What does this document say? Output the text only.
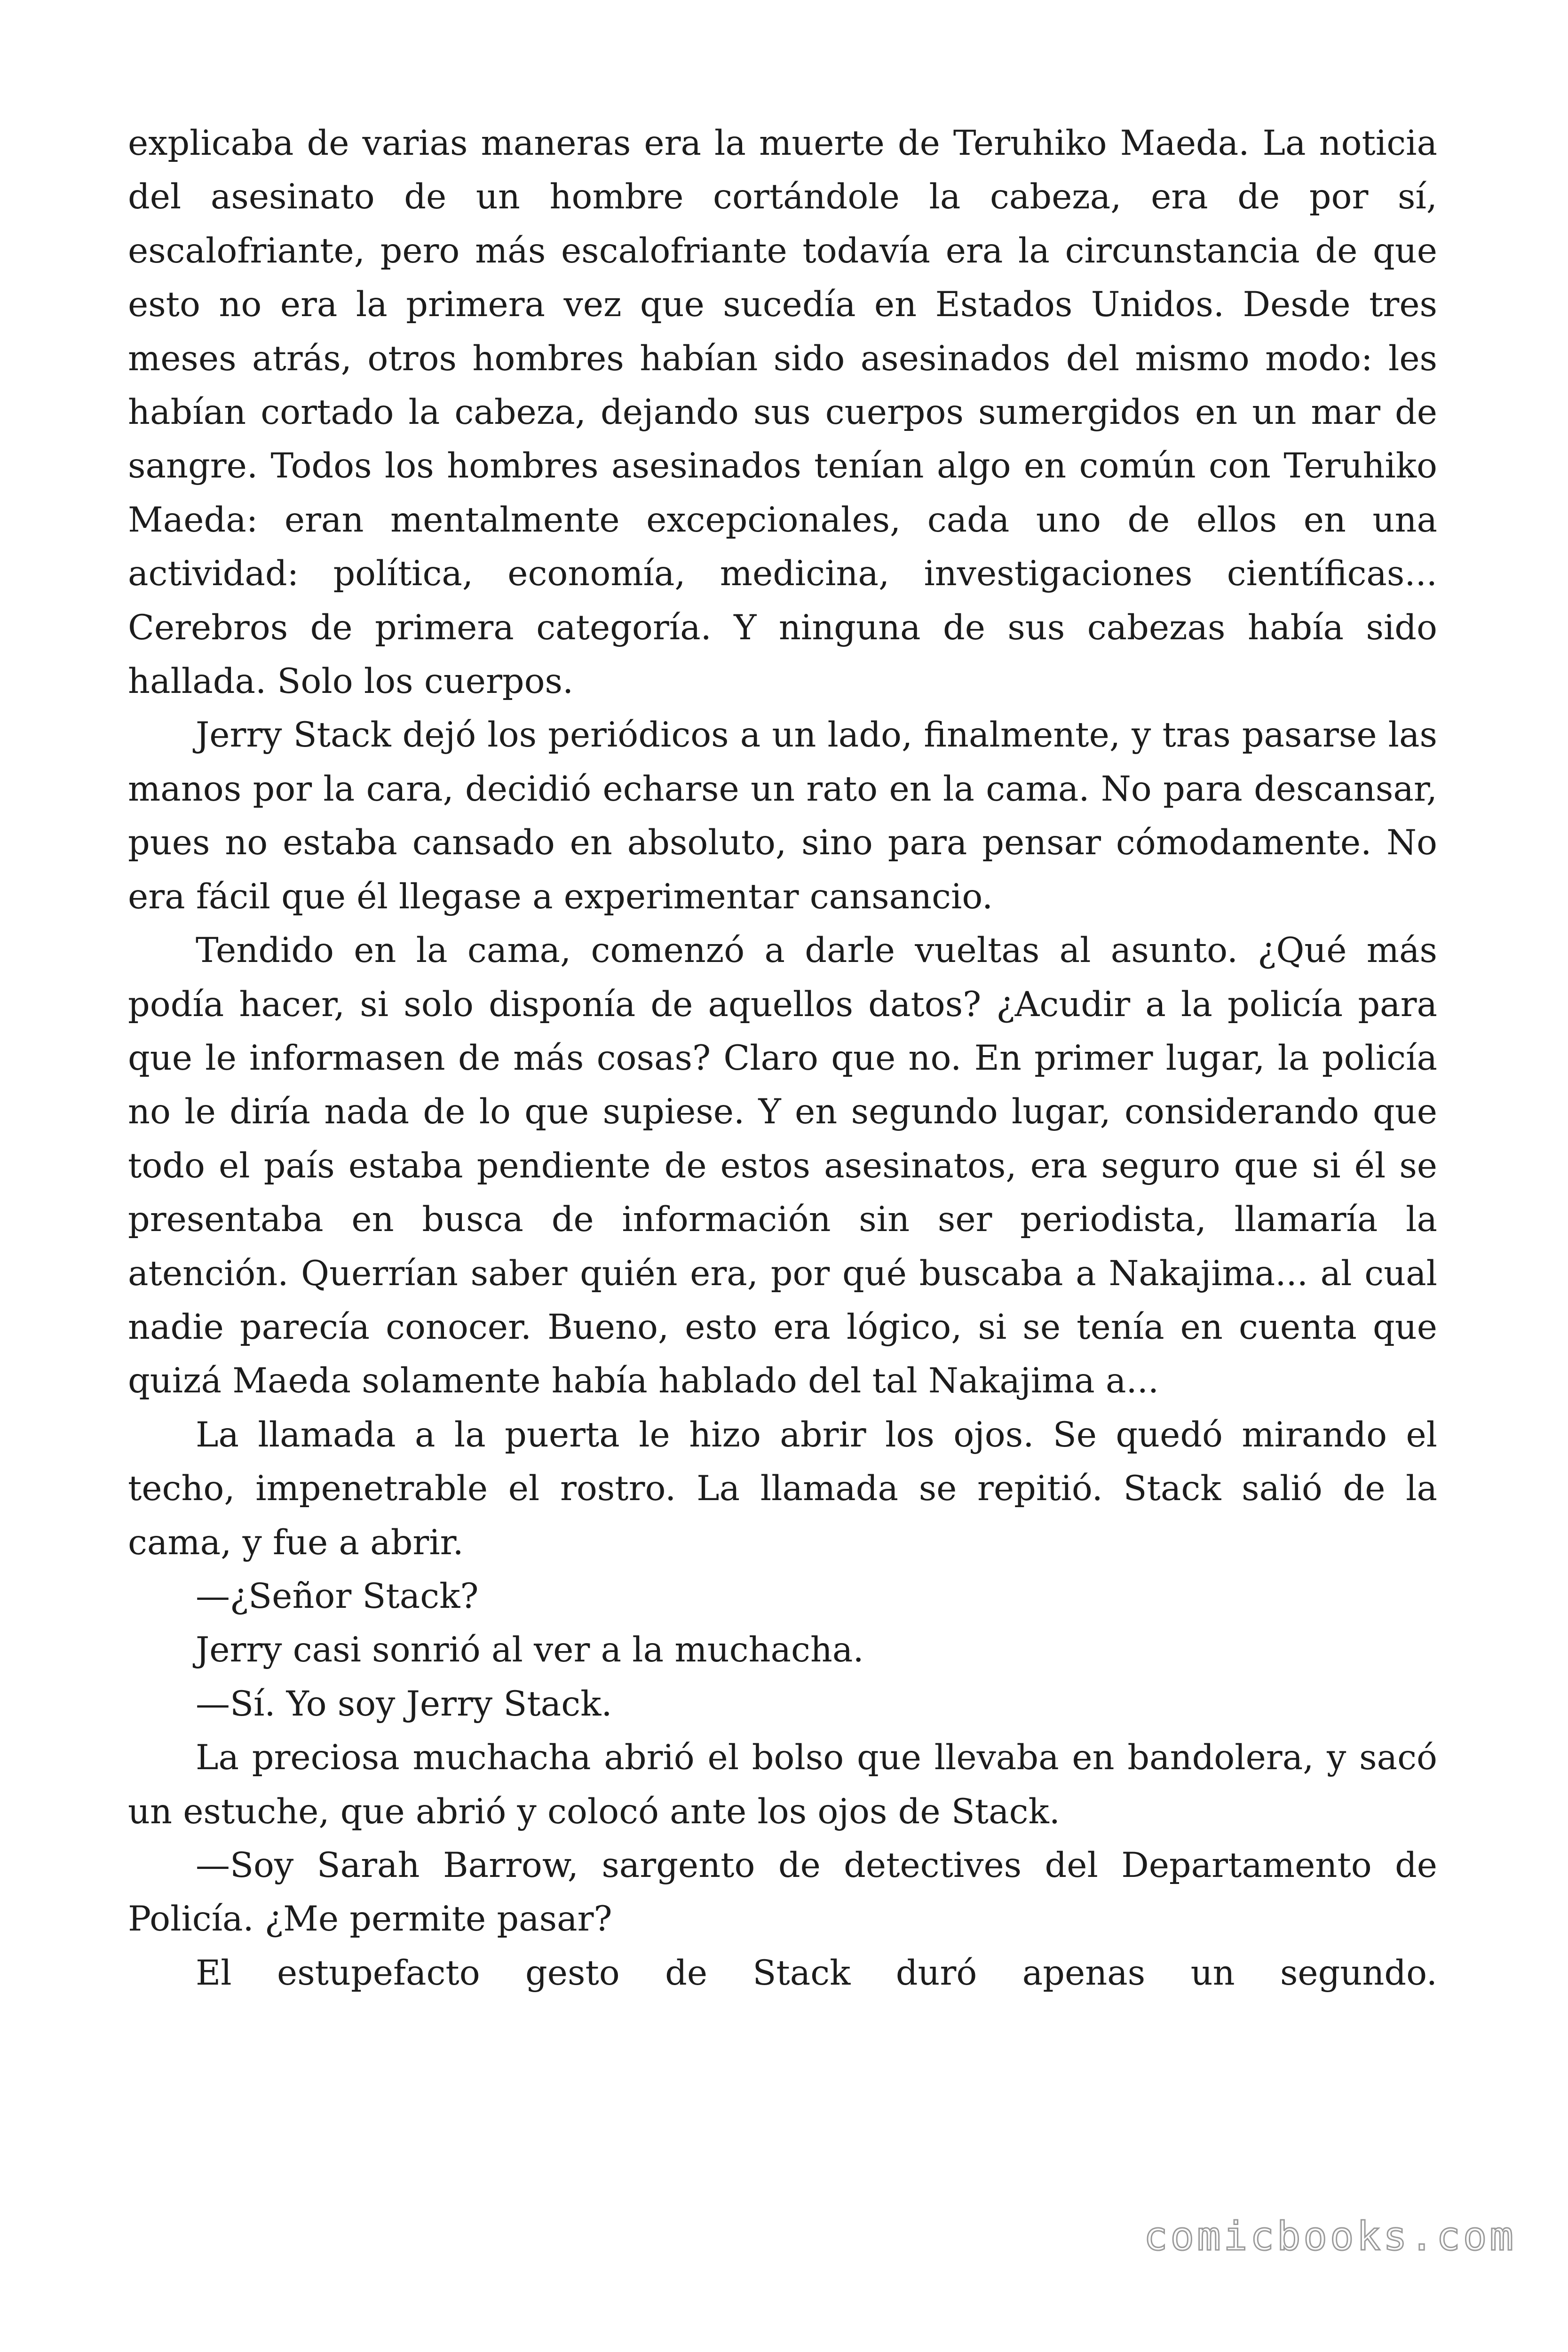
explicaba de varias maneras era la muerte de Teruhiko Maeda. La noticia del asesinato de un hombre cortándole la cabeza, era de por sí, escalofriante, pero más escalofriante todavía era la circunstancia de que esto no era la primera vez que sucedía en Estados Unidos. Desde tres meses atrás, otros hombres habían sido asesinados del mismo modo: les habían cortado la cabeza, dejando sus cuerpos sumergidos en un mar de sangre. Todos los hombres asesinados tenían algo en común con Teruhiko Maeda: eran mentalmente excepcionales, cada uno de ellos en una actividad: política, economía, medicina, investigaciones científicas... Cerebros de primera categoría. Y ninguna de sus cabezas había sido hallada. Solo los cuerpos.

Jerry Stack dejó los periódicos a un lado, finalmente, y tras pasarse las manos por la cara, decidió echarse un rato en la cama. No para descansar, pues no estaba cansado en absoluto, sino para pensar cómodamente. No era fácil que él llegase a experimentar cansancio.

Tendido en la cama, comenzó a darle vueltas al asunto. ¿Qué más podía hacer, si solo disponía de aquellos datos? ¿Acudir a la policía para que le informasen de más cosas? Claro que no. En primer lugar, la policía no le diría nada de lo que supiese. Y en segundo lugar, considerando que todo el país estaba pendiente de estos asesinatos, era seguro que si él se presentaba en busca de información sin ser periodista, llamaría la atención. Querrían saber quién era, por qué buscaba a Nakajima... al cual nadie parecía conocer. Bueno, esto era lógico, si se tenía en cuenta que quizá Maeda solamente había hablado del tal Nakajima a...

La llamada a la puerta le hizo abrir los ojos. Se quedó mirando el techo, impenetrable el rostro. La llamada se repitió. Stack salió de la cama, y fue a abrir.

—¿Señor Stack?

Jerry casi sonrió al ver a la muchacha.

—Sí. Yo soy Jerry Stack.

La preciosa muchacha abrió el bolso que llevaba en bandolera, y sacó un estuche, que abrió y colocó ante los ojos de Stack.

—Soy Sarah Barrow, sargento de detectives del Departamento de Policía. ¿Me permite pasar?

El estupefacto gesto de Stack duró apenas un segundo.

comicbooks.com
